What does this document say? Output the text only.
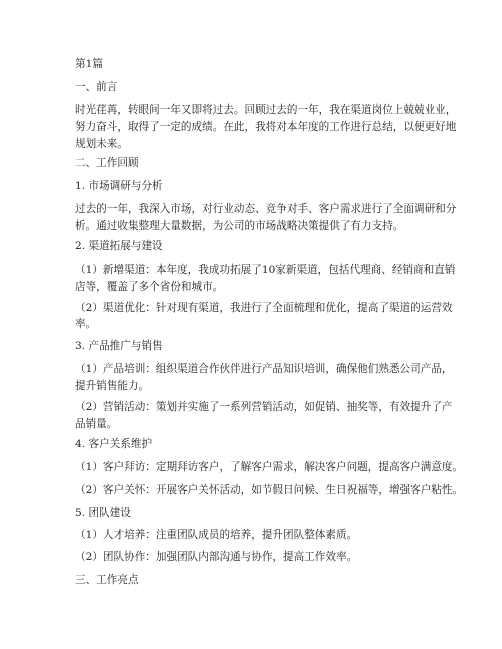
第1篇
一、前言
时光荏苒，转眼间一年又即将过去。回顾过去的一年，我在渠道岗位上兢兢业业，
努力奋斗，取得了一定的成绩。在此，我将对本年度的工作进行总结，以便更好地
规划未来。
二、工作回顾
1. 市场调研与分析
过去的一年，我深入市场，对行业动态、竞争对手、客户需求进行了全面调研和分
析。通过收集整理大量数据，为公司的市场战略决策提供了有力支持。
2. 渠道拓展与建设
（1）新增渠道：本年度，我成功拓展了10家新渠道，包括代理商、经销商和直销
店等，覆盖了多个省份和城市。
（2）渠道优化：针对现有渠道，我进行了全面梳理和优化，提高了渠道的运营效
率。
3. 产品推广与销售
（1）产品培训：组织渠道合作伙伴进行产品知识培训，确保他们熟悉公司产品，
提升销售能力。
（2）营销活动：策划并实施了一系列营销活动，如促销、抽奖等，有效提升了产
品销量。
4. 客户关系维护
（1）客户拜访：定期拜访客户，了解客户需求，解决客户问题，提高客户满意度。
（2）客户关怀：开展客户关怀活动，如节假日问候、生日祝福等，增强客户粘性。
5. 团队建设
（1）人才培养：注重团队成员的培养，提升团队整体素质。
（2）团队协作：加强团队内部沟通与协作，提高工作效率。
三、工作亮点
